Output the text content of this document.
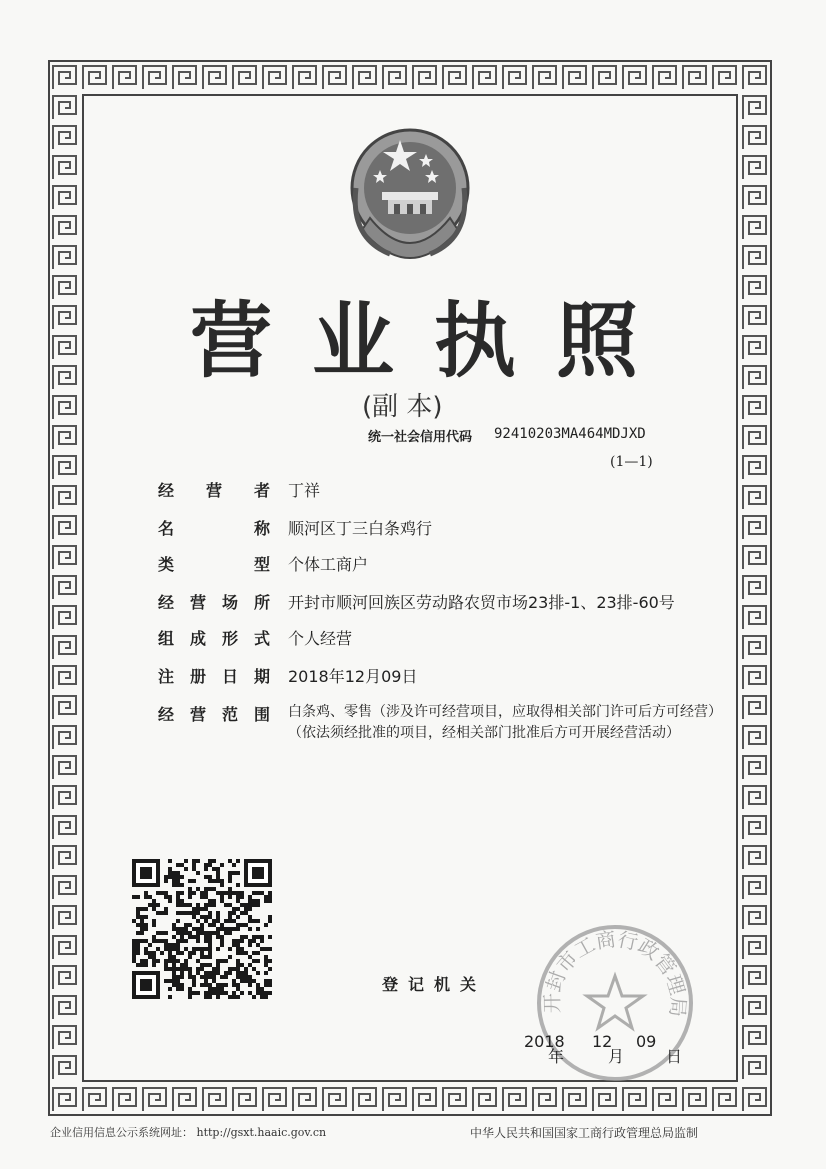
营业执照
(副 本)
统一社会信用代码 92410203MA464MDJXD
(1—1)
经 营 者 丁祥
名	称 顺河区丁三白条鸡行
类	型 个体工商户
经 营 场 所 开封市顺河回族区劳动路农贸市场23排-1、23排-60号
组 成 形 式 个人经营
注 册 日 期 2018年12月09日
经 营 范 围 白条鸡、零售（涉及许可经营项目，应取得相关部门许可后方可经营）

（依法须经批准的项目，经相关部门批准后方可开展经营活动）

登记机关
开封市工商行政管理局
2018
年
12
月
09
日
企业信用信息公示系统网址： http://gsxt.haaic.gov.cn	中华人民共和国国家工商行政管理总局监制
